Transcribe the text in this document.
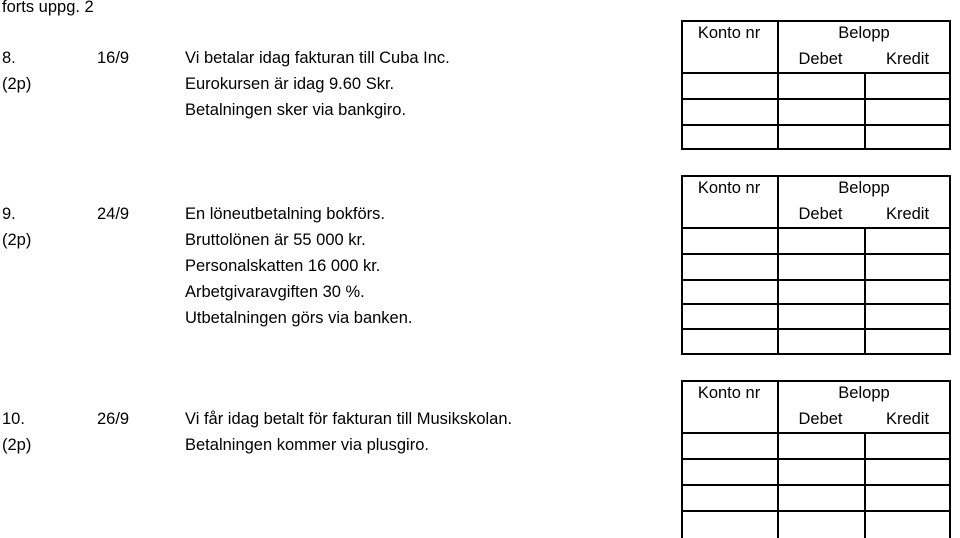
forts uppg. 2
8.
(2p)
16/9	Vi betalar idag fakturan till Cuba Inc.
Eurokursen är idag 9.60 Skr.
Betalningen sker via bankgiro.
Konto nr	Belopp
Debet	Kredit
9.
(2p)
24/9	En löneutbetalning bokförs.
Bruttolönen är 55 000 kr.
Personalskatten 16 000 kr.
Arbetgivaravgiften 30 %.
Utbetalningen görs via banken.
Konto nr	Belopp
Debet	Kredit
10.
(2p)
26/9	Vi får idag betalt för fakturan till Musikskolan.
Betalningen kommer via plusgiro.
Konto nr	Belopp
Debet	Kredit
